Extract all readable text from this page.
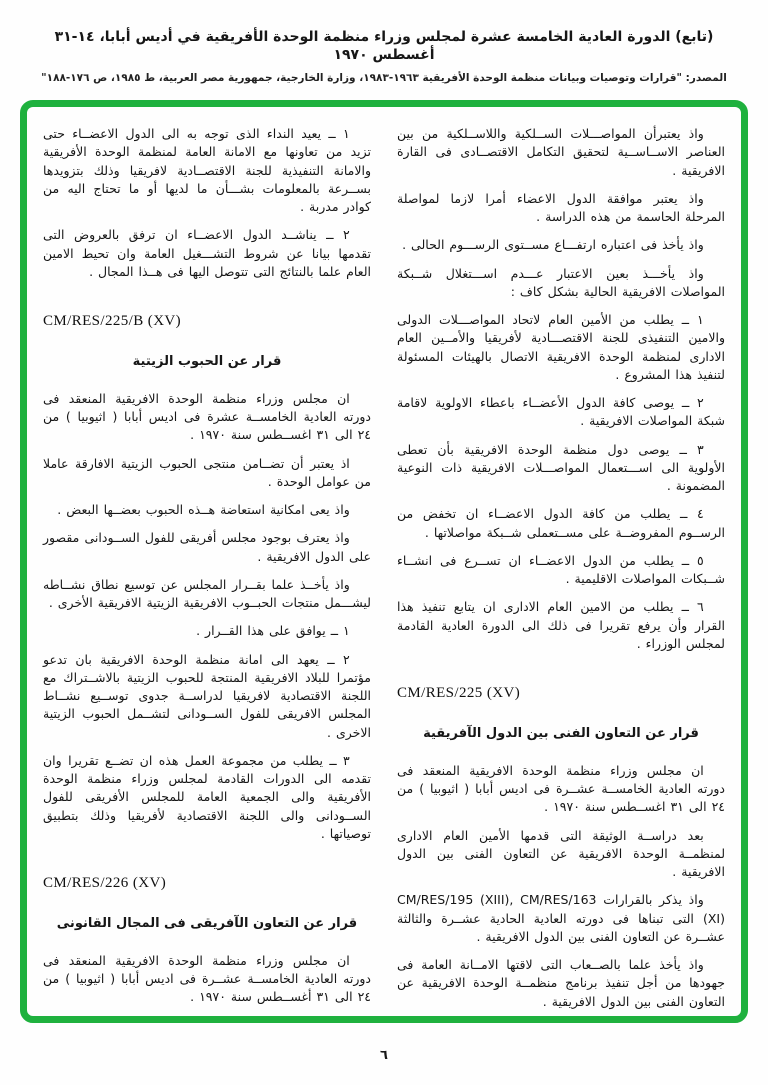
(تابع) الدورة العادية الخامسة عشرة لمجلس وزراء منظمة الوحدة الأفريقية في أديس أبابا، ١٤-٣١ أغسطس ١٩٧٠
المصدر: "قرارات وتوصيات وبيانات منظمة الوحدة الأفريقية ١٩٦٣-١٩٨٣، وزارة الخارجية، جمهورية مصر العربية، ط ١٩٨٥، ص ١٧٦-١٨٨"

واذ يعتبرأن المواصـــلات الســلكية واللاســلكية من بين العناصر الاســاســية لتحقيق التكامل الاقتصــادى فى القارة الافريقية .

واذ يعتبر موافقة الدول الاعضاء أمرا لازما لمواصلة المرحلة الحاسمة من هذه الدراسة .

واذ يأخذ فى اعتباره ارتفـــاع مســتوى الرســـوم الحالى .

واذ يأخـــذ بعين الاعتبار عـــدم اســـتغلال شــبكة المواصلات الافريقية الحالية بشكل كاف :

١ ــ يطلب من الأمين العام لاتحاد المواصـــلات الدولى والامين التنفيذى للجنة الاقتصـــادية لأفريقيا والأمــين العام الادارى لمنظمة الوحدة الافريقية الاتصال بالهيئات المسئولة لتنفيذ هذا المشروع .

٢ ــ يوصى كافة الدول الأعضــاء باعطاء الاولوية لاقامة شبكة المواصلات الافريقية .

٣ ــ يوصى دول منظمة الوحدة الافريقية بأن تعطى الأولوية الى اســـتعمال المواصـــلات الافريقية ذات النوعية المضمونة .

٤ ــ يطلب من كافة الدول الاعضــاء ان تخفض من الرســوم المفروضــة على مســتعملى شــبكة مواصلاتها .

٥ ــ يطلب من الدول الاعضــاء ان تســرع فى انشــاء شــبكات المواصلات الاقليمية .

٦ ــ يطلب من الامين العام الادارى ان يتابع تنفيذ هذا القرار وأن يرفع تقريرا فى ذلك الى الدورة العادية القادمة لمجلس الوزراء .

CM/RES/225 (XV)

قرار عن التعاون الفنى بين الدول الآفريقية

ان مجلس وزراء منظمة الوحدة الافريقية المنعقد فى دورته العادية الخامســة عشــرة فى اديس أبابا ( اثيوبيا ) من ٢٤ الى ٣١ اغســطس سنة ١٩٧٠ .

بعد دراســة الوثيقة التى قدمها الأمين العام الادارى لمنظمــة الوحدة الافريقية عن التعاون الفنى بين الدول الافريقية .

واذ يذكر بالقرارات CM/RES/195 (XIII), CM/RES/163 (XI) التى تبناها فى دورته العادية الحادية عشــرة والثالثة عشــرة عن التعاون الفنى بين الدول الافريقية .

واذ يأخذ علما بالصــعاب التى لاقتها الامــانة العامة فى جهودها من أجل تنفيذ برنامج منظمــة الوحدة الافريقية عن التعاون الفنى بين الدول الافريقية .

١ ــ يعيد النداء الذى توجه به الى الدول الاعضــاء حتى تزيد من تعاونها مع الامانة العامة لمنظمة الوحدة الأفريقية والامانة التنفيذية للجنة الاقتصــادية لافريقيا وذلك بتزويدها بســرعة بالمعلومات بشـــأن ما لديها أو ما تحتاج اليه من كوادر مدربة .

٢ ــ يناشــد الدول الاعضــاء ان ترفق بالعروض التى تقدمها بيانا عن شروط التشـــغيل العامة وان تحيط الامين العام علما بالنتائج التى تتوصل اليها فى هــذا المجال .

CM/RES/225/B (XV)

قرار عن الحبوب الزيتية

ان مجلس وزراء منظمة الوحدة الافريقية المنعقد فى دورته العادية الخامســة عشرة فى اديس أبابا ( اثيوبيا ) من ٢٤ الى ٣١ اغســطس سنة ١٩٧٠ .

اذ يعتبر أن تضــامن منتجى الحبوب الزيتية الافارقة عاملا من عوامل الوحدة .

واذ يعى امكانية استعاضة هــذه الحبوب بعضــها البعض .

واذ يعترف بوجود مجلس أفريقى للفول الســودانى مقصور على الدول الافريقية .

واذ يأخــذ علما بقــرار المجلس عن توسيع نطاق نشــاطه ليشـــمل منتجات الحبــوب الافريقية الزيتية الافريقية الأخرى .

١ ــ يوافق على هذا القــرار .

٢ ــ يعهد الى امانة منظمة الوحدة الافريقية بان تدعو مؤتمرا للبلاد الافريقية المنتجة للحبوب الزيتية بالاشــتراك مع اللجنة الاقتصادية لافريقيا لدراســة جدوى توســيع نشــاط المجلس الافريقى للفول الســودانى لتشــمل الحبوب الزيتية الاخرى .

٣ ــ يطلب من مجموعة العمل هذه ان تضــع تقريرا وان تقدمه الى الدورات القادمة لمجلس وزراء منظمة الوحدة الأفريقية والى الجمعية العامة للمجلس الأفريقى للفول الســودانى والى اللجنة الاقتصادية لأفريقيا وذلك بتطبيق توصياتها .

CM/RES/226 (XV)

قرار عن التعاون الآفريقى فى المجال القانونى

ان مجلس وزراء منظمة الوحدة الافريقية المنعقد فى دورته العادية الخامســة عشــرة فى اديس أبابا ( اثيوبيا ) من ٢٤ الى ٣١ أغســطس سنة ١٩٧٠ .

٦
